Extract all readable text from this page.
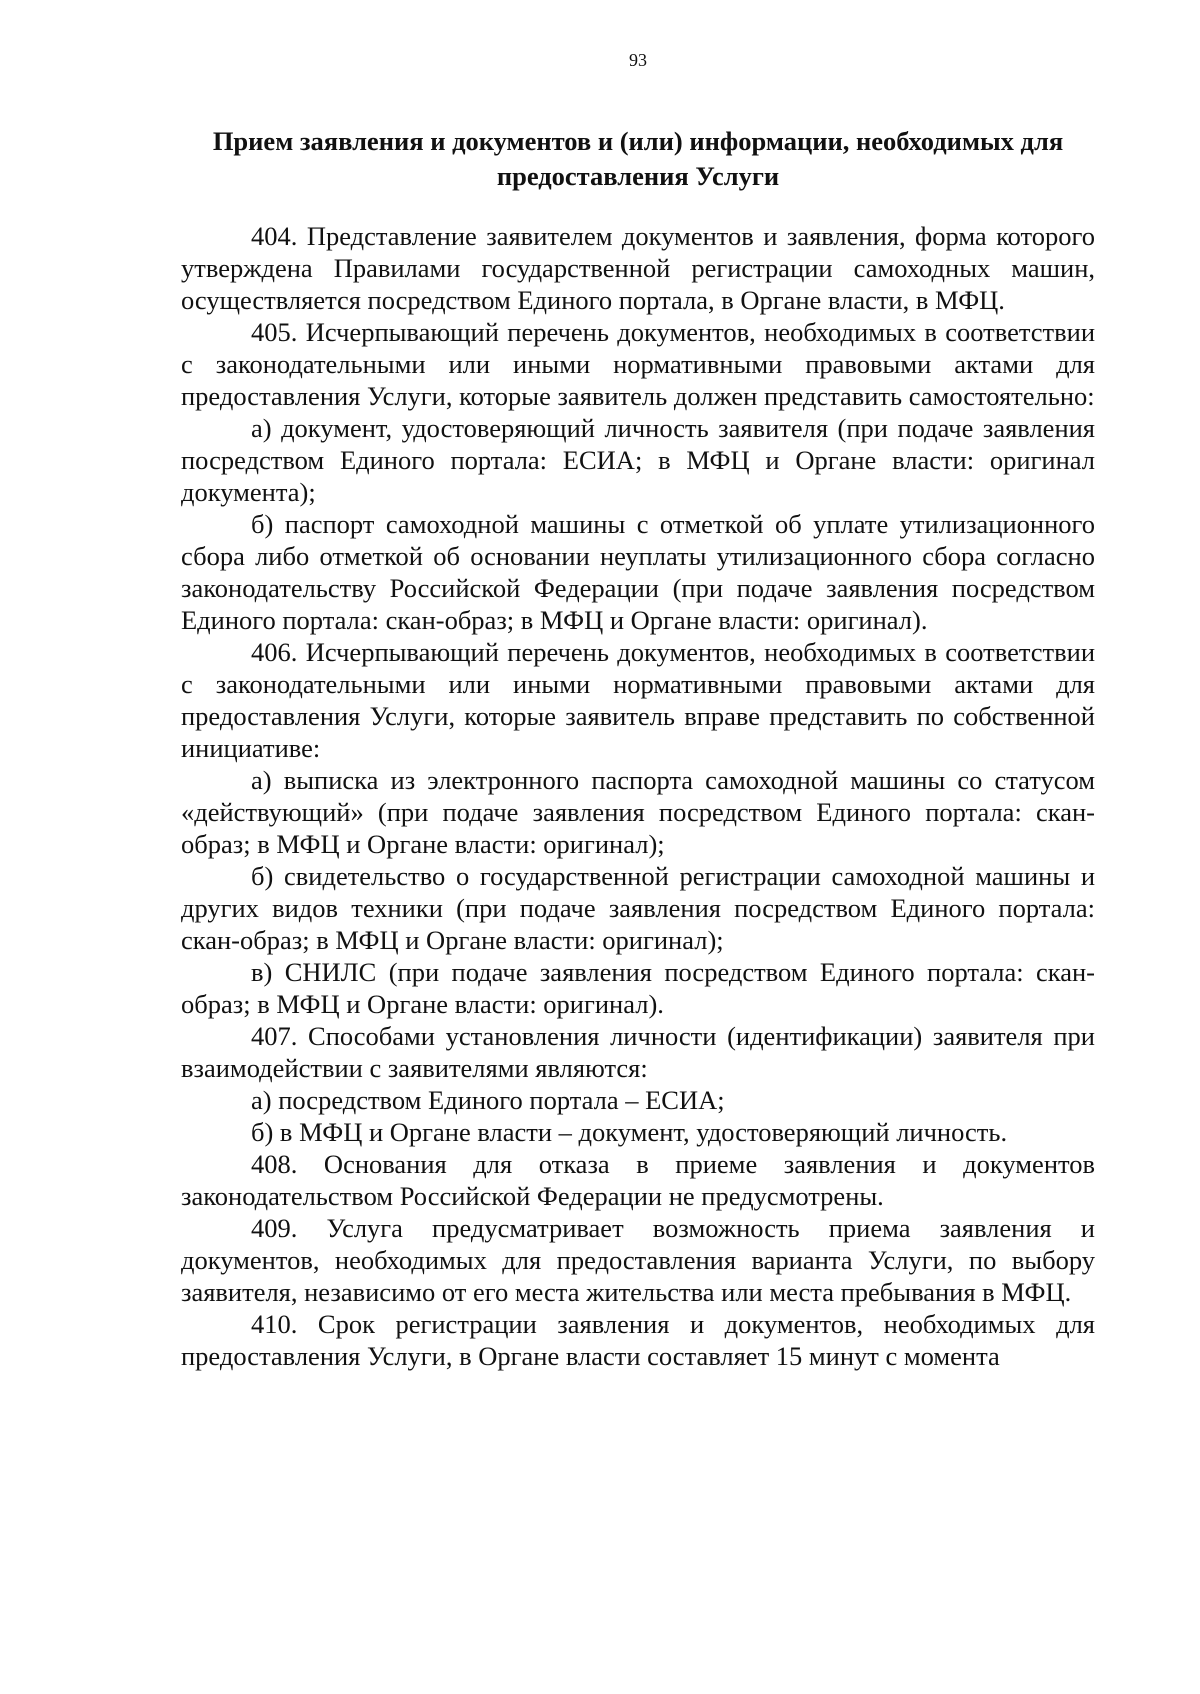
93
Прием заявления и документов и (или) информации, необходимых для
предоставления Услуги

404. Представление заявителем документов и заявления, форма которого утверждена Правилами государственной регистрации самоходных машин, осуществляется посредством Единого портала, в Органе власти, в МФЦ.

405. Исчерпывающий перечень документов, необходимых в соответствии с законодательными или иными нормативными правовыми актами для предоставления Услуги, которые заявитель должен представить самостоятельно:

а) документ, удостоверяющий личность заявителя (при подаче заявления посредством Единого портала: ЕСИА; в МФЦ и Органе власти: оригинал документа);

б) паспорт самоходной машины с отметкой об уплате утилизационного сбора либо отметкой об основании неуплаты утилизационного сбора согласно законодательству Российской Федерации (при подаче заявления посредством Единого портала: скан-образ; в МФЦ и Органе власти: оригинал).

406. Исчерпывающий перечень документов, необходимых в соответствии с законодательными или иными нормативными правовыми актами для предоставления Услуги, которые заявитель вправе представить по собственной инициативе:

а) выписка из электронного паспорта самоходной машины со статусом «действующий» (при подаче заявления посредством Единого портала: скан-образ; в МФЦ и Органе власти: оригинал);

б) свидетельство о государственной регистрации самоходной машины и других видов техники (при подаче заявления посредством Единого портала: скан-образ; в МФЦ и Органе власти: оригинал);

в) СНИЛС (при подаче заявления посредством Единого портала: скан-образ; в МФЦ и Органе власти: оригинал).

407. Способами установления личности (идентификации) заявителя при взаимодействии с заявителями являются:

а) посредством Единого портала – ЕСИА;

б) в МФЦ и Органе власти – документ, удостоверяющий личность.

408. Основания для отказа в приеме заявления и документов законодательством Российской Федерации не предусмотрены.

409. Услуга предусматривает возможность приема заявления и документов, необходимых для предоставления варианта Услуги, по выбору заявителя, независимо от его места жительства или места пребывания в МФЦ.

410. Срок регистрации заявления и документов, необходимых для предоставления Услуги, в Органе власти составляет 15 минут с момента
